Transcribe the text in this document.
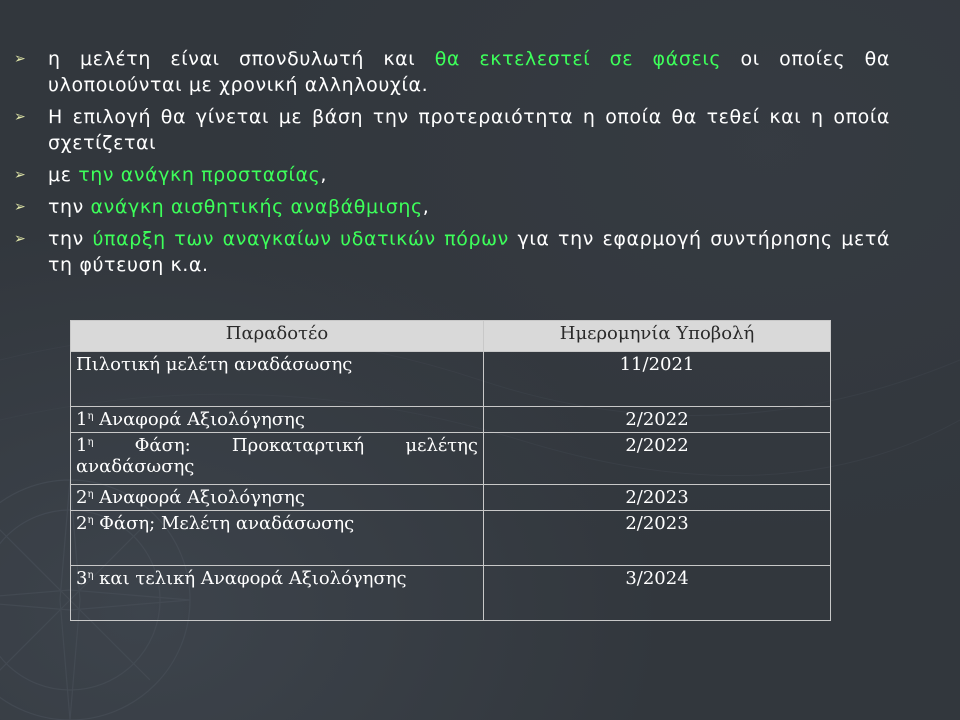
➢ η μελέτη είναι σπονδυλωτή και θα εκτελεστεί σε φάσεις οι οποίες θα υλοποιούνται με χρονική αλληλουχία.
➢ Η επιλογή θα γίνεται με βάση την προτεραιότητα η οποία θα τεθεί και η οποία σχετίζεται
➢ με την ανάγκη προστασίας,
➢ την ανάγκη αισθητικής αναβάθμισης,
➢ την ύπαρξη των αναγκαίων υδατικών πόρων για την εφαρμογή συντήρησης μετά τη φύτευση κ.α.
Παραδοτέο	Ημερομηνία Υποβολή
Πιλοτική μελέτη αναδάσωσης	11/2021
$1^\eta$ Αναφορά Αξιολόγησης	2/2022
$1^\eta$ Φάση: Προκαταρτική μελέτης αναδάσωσης	2/2022
$2^\eta$ Αναφορά Αξιολόγησης	2/2023
$2^\eta$ Φάση; Μελέτη αναδάσωσης	2/2023
$3^\eta$ και τελική Αναφορά Αξιολόγησης	3/2024
